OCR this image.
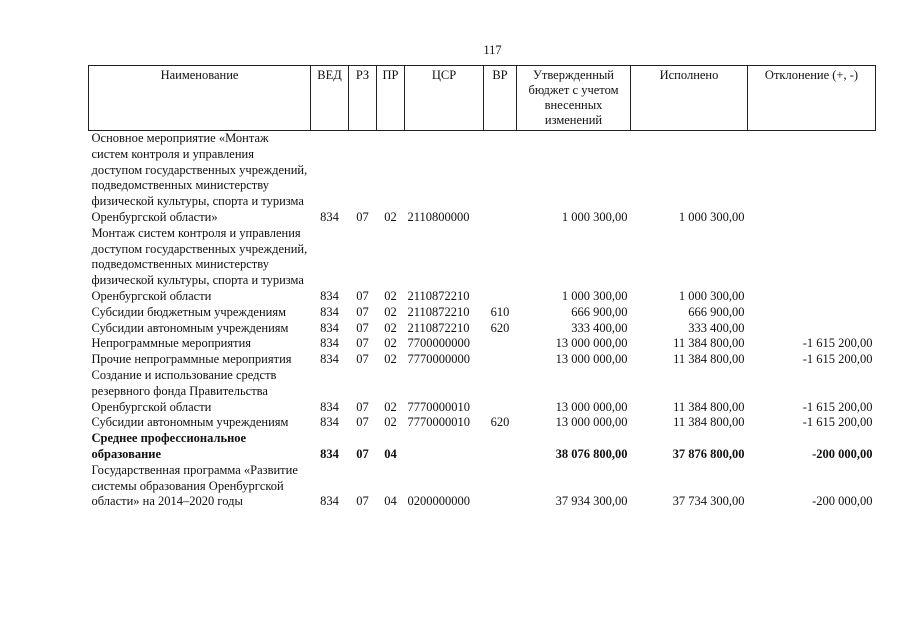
117
Наименование	ВЕД	РЗ	ПР	ЦСР	ВР	Утвержденный бюджет с учетом внесенных изменений	Исполнено	Отклонение (+, -)
Основное мероприятие «Монтаж систем контроля и управления доступом государственных учреждений, подведомственных министерству физической культуры, спорта и туризма Оренбургской области»	834	07	02	2110800000		1 000 300,00	1 000 300,00	
Монтаж систем контроля и управления доступом государственных учреждений, подведомственных министерству физической культуры, спорта и туризма Оренбургской области	834	07	02	2110872210		1 000 300,00	1 000 300,00	
Субсидии бюджетным учреждениям	834	07	02	2110872210	610	666 900,00	666 900,00	
Субсидии автономным учреждениям	834	07	02	2110872210	620	333 400,00	333 400,00	
Непрограммные мероприятия	834	07	02	7700000000		13 000 000,00	11 384 800,00	-1 615 200,00
Прочие непрограммные мероприятия	834	07	02	7770000000		13 000 000,00	11 384 800,00	-1 615 200,00
Создание и использование средств резервного фонда Правительства Оренбургской области	834	07	02	7770000010		13 000 000,00	11 384 800,00	-1 615 200,00
Субсидии автономным учреждениям	834	07	02	7770000010	620	13 000 000,00	11 384 800,00	-1 615 200,00
Среднее профессиональное образование	834	07	04			38 076 800,00	37 876 800,00	-200 000,00
Государственная программа «Развитие системы образования Оренбургской области» на 2014–2020 годы	834	07	04	0200000000		37 934 300,00	37 734 300,00	-200 000,00
